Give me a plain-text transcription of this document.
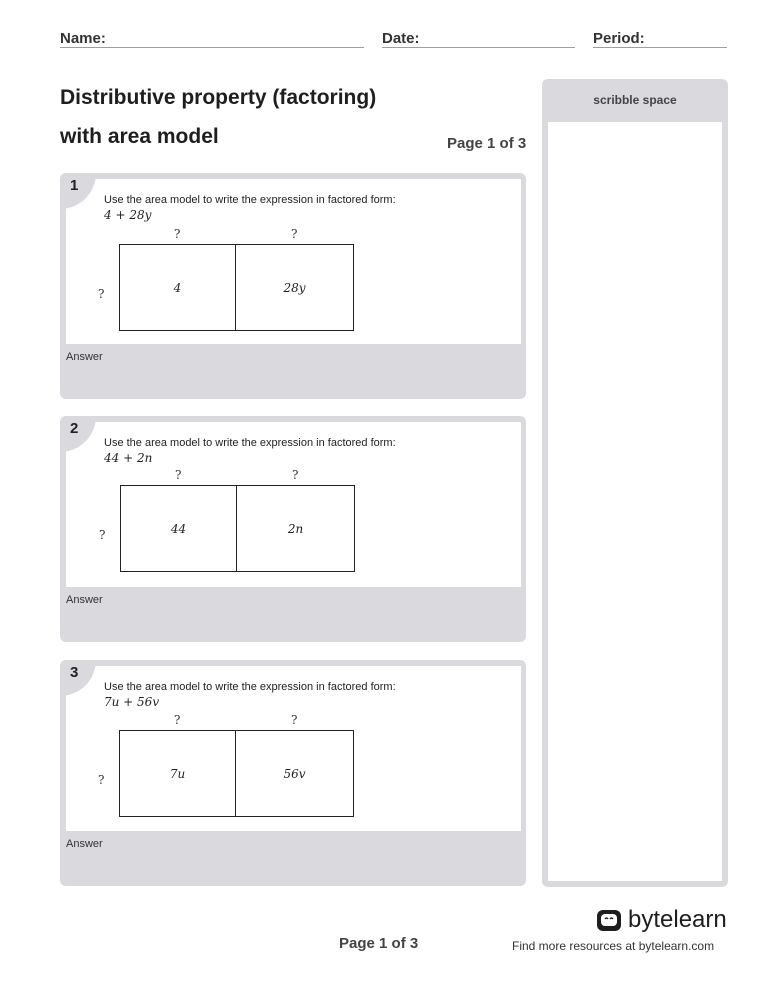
Name:	Date:	Period:
Distributive property (factoring)
with area model	Page 1 of 3
Use the area model to write the expression in factored form:
4 + 28y
?	?
?	4	28y
1
Answer
Use the area model to write the expression in factored form:
44 + 2n
?	?
?	44	2n
2
Answer
Use the area model to write the expression in factored form:
7u + 56v
?	?
?	7u	56v
3
Answer
scribble space
Page 1 of 3
bytelearn
Find more resources at bytelearn.com
